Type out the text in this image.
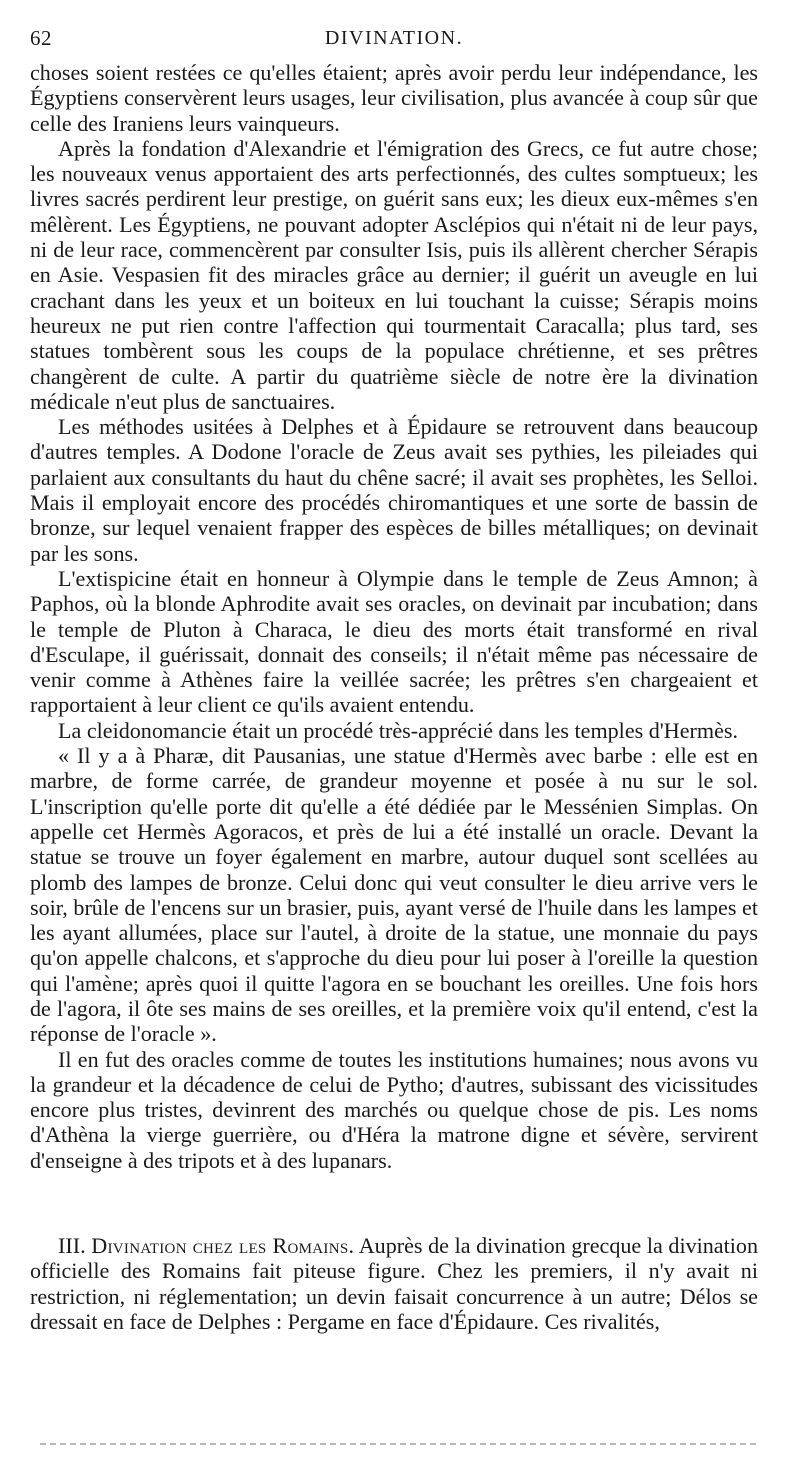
62	DIVINATION.

choses soient restées ce qu'elles étaient; après avoir perdu leur indépendance, les Égyptiens conservèrent leurs usages, leur civilisation, plus avancée à coup sûr que celle des Iraniens leurs vainqueurs.

Après la fondation d'Alexandrie et l'émigration des Grecs, ce fut autre chose; les nouveaux venus apportaient des arts perfectionnés, des cultes somptueux; les livres sacrés perdirent leur prestige, on guérit sans eux; les dieux eux-mêmes s'en mêlèrent. Les Égyptiens, ne pouvant adopter Asclépios qui n'était ni de leur pays, ni de leur race, commencèrent par consulter Isis, puis ils allèrent chercher Sérapis en Asie. Vespasien fit des miracles grâce au dernier; il guérit un aveugle en lui crachant dans les yeux et un boiteux en lui touchant la cuisse; Sérapis moins heureux ne put rien contre l'affection qui tourmentait Caracalla; plus tard, ses statues tombèrent sous les coups de la populace chrétienne, et ses prêtres changèrent de culte. A partir du quatrième siècle de notre ère la divination médicale n'eut plus de sanctuaires.

Les méthodes usitées à Delphes et à Épidaure se retrouvent dans beaucoup d'autres temples. A Dodone l'oracle de Zeus avait ses pythies, les pileiades qui parlaient aux consultants du haut du chêne sacré; il avait ses prophètes, les Selloi. Mais il employait encore des procédés chiromantiques et une sorte de bassin de bronze, sur lequel venaient frapper des espèces de billes métalliques; on devinait par les sons.

L'extispicine était en honneur à Olympie dans le temple de Zeus Amnon; à Paphos, où la blonde Aphrodite avait ses oracles, on devinait par incubation; dans le temple de Pluton à Characa, le dieu des morts était transformé en rival d'Esculape, il guérissait, donnait des conseils; il n'était même pas nécessaire de venir comme à Athènes faire la veillée sacrée; les prêtres s'en chargeaient et rapportaient à leur client ce qu'ils avaient entendu.

La cleidonomancie était un procédé très-apprécié dans les temples d'Hermès.

« Il y a à Pharæ, dit Pausanias, une statue d'Hermès avec barbe : elle est en marbre, de forme carrée, de grandeur moyenne et posée à nu sur le sol. L'inscription qu'elle porte dit qu'elle a été dédiée par le Messénien Simplas. On appelle cet Hermès Agoracos, et près de lui a été installé un oracle. Devant la statue se trouve un foyer également en marbre, autour duquel sont scellées au plomb des lampes de bronze. Celui donc qui veut consulter le dieu arrive vers le soir, brûle de l'encens sur un brasier, puis, ayant versé de l'huile dans les lampes et les ayant allumées, place sur l'autel, à droite de la statue, une monnaie du pays qu'on appelle chalcons, et s'approche du dieu pour lui poser à l'oreille la question qui l'amène; après quoi il quitte l'agora en se bouchant les oreilles. Une fois hors de l'agora, il ôte ses mains de ses oreilles, et la première voix qu'il entend, c'est la réponse de l'oracle ».

Il en fut des oracles comme de toutes les institutions humaines; nous avons vu la grandeur et la décadence de celui de Pytho; d'autres, subissant des vicissitudes encore plus tristes, devinrent des marchés ou quelque chose de pis. Les noms d'Athèna la vierge guerrière, ou d'Héra la matrone digne et sévère, servirent d'enseigne à des tripots et à des lupanars.

III. Divination chez les Romains. Auprès de la divination grecque la divination officielle des Romains fait piteuse figure. Chez les premiers, il n'y avait ni restriction, ni réglementation; un devin faisait concurrence à un autre; Délos se dressait en face de Delphes : Pergame en face d'Épidaure. Ces rivalités,
